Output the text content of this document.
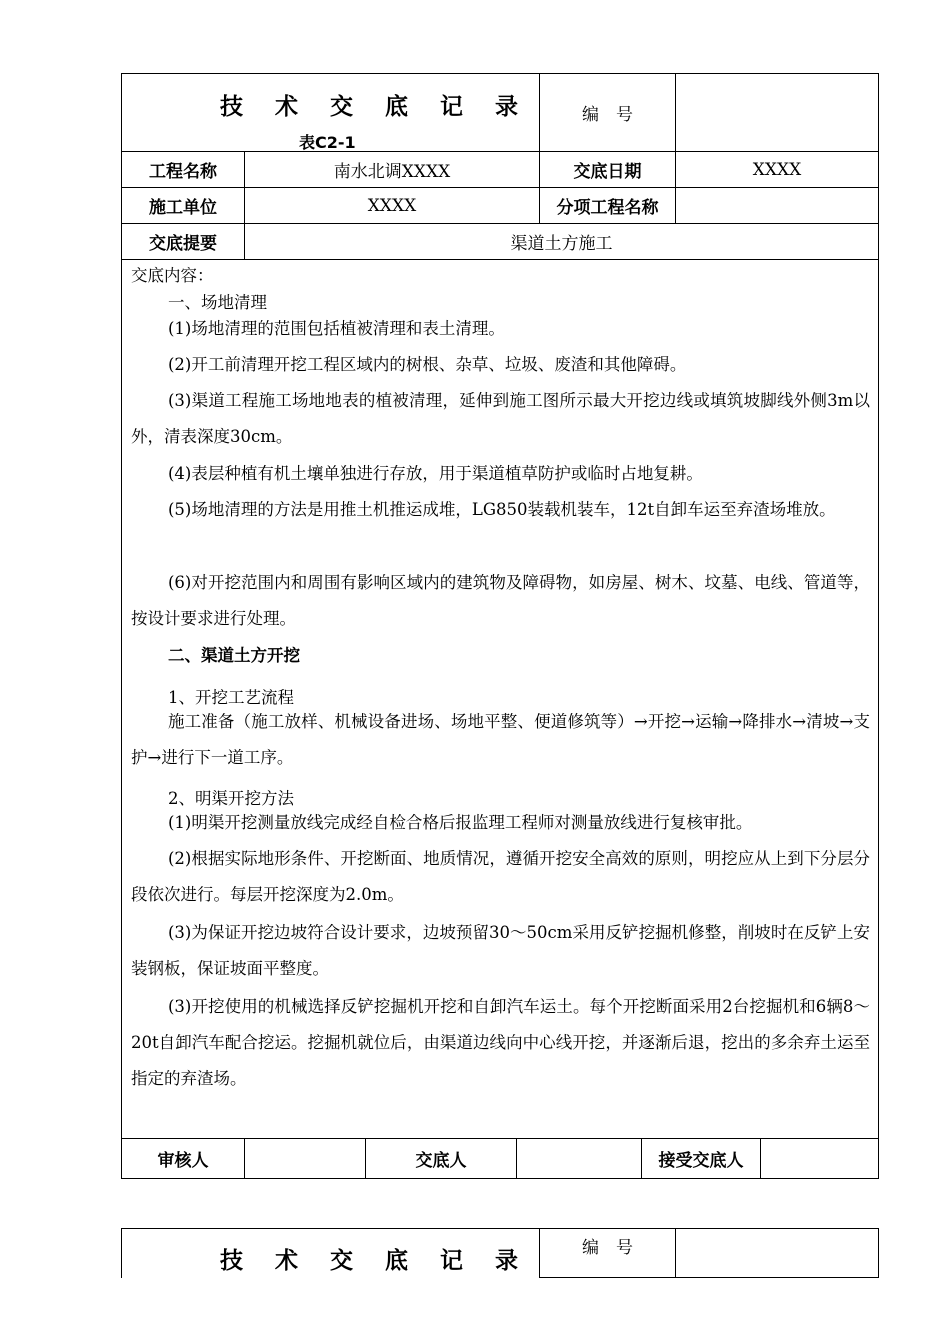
技 术 交 底 记 录
表C2-1
编　号
工程名称	南水北调XXXX	交底日期	XXXX
施工单位	XXXX	分项工程名称
交底提要	渠道土方施工
交底内容：
一、场地清理
(1)场地清理的范围包括植被清理和表土清理。
(2)开工前清理开挖工程区域内的树根、杂草、垃圾、废渣和其他障碍。
(3)渠道工程施工场地地表的植被清理，延伸到施工图所示最大开挖边线或填筑坡脚线外侧3m以外，清表深度30cm。
(4)表层种植有机土壤单独进行存放，用于渠道植草防护或临时占地复耕。
(5)场地清理的方法是用推土机推运成堆，LG850装载机装车，12t自卸车运至弃渣场堆放。
(6)对开挖范围内和周围有影响区域内的建筑物及障碍物，如房屋、树木、坟墓、电线、管道等，按设计要求进行处理。
二、渠道土方开挖
1、开挖工艺流程
施工准备（施工放样、机械设备进场、场地平整、便道修筑等）→开挖→运输→降排水→清坡→支护→进行下一道工序。
2、明渠开挖方法
(1)明渠开挖测量放线完成经自检合格后报监理工程师对测量放线进行复核审批。
(2)根据实际地形条件、开挖断面、地质情况，遵循开挖安全高效的原则，明挖应从上到下分层分段依次进行。每层开挖深度为2.0m。
(3)为保证开挖边坡符合设计要求，边坡预留30～50cm采用反铲挖掘机修整，削坡时在反铲上安装钢板，保证坡面平整度。
(3)开挖使用的机械选择反铲挖掘机开挖和自卸汽车运土。每个开挖断面采用2台挖掘机和6辆8～20t自卸汽车配合挖运。挖掘机就位后，由渠道边线向中心线开挖，并逐渐后退，挖出的多余弃土运至指定的弃渣场。
审核人	交底人	接受交底人
技 术 交 底 记 录
编　号
